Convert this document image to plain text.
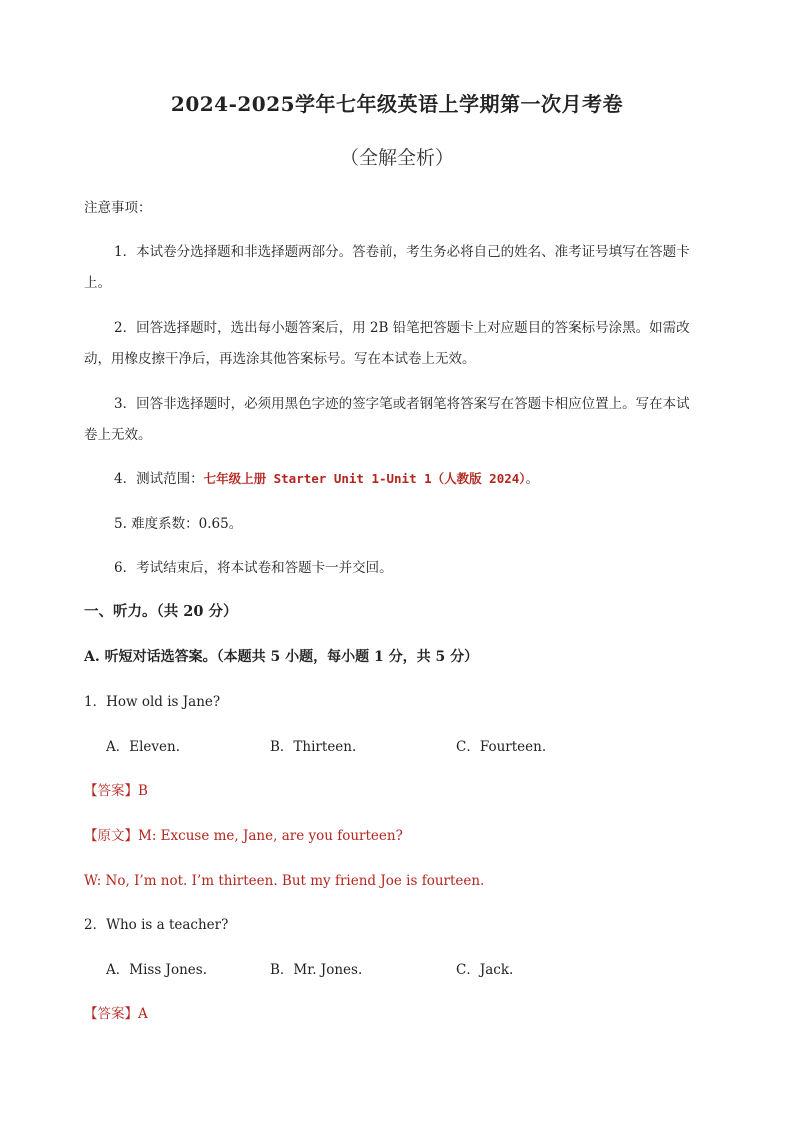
2024-2025学年七年级英语上学期第一次月考卷
（全解全析）
注意事项：
1．本试卷分选择题和非选择题两部分。答卷前，考生务必将自己的姓名、准考证号填写在答题卡
上。
2．回答选择题时，选出每小题答案后，用 2B 铅笔把答题卡上对应题目的答案标号涂黑。如需改
动，用橡皮擦干净后，再选涂其他答案标号。写在本试卷上无效。
3．回答非选择题时，必须用黑色字迹的签字笔或者钢笔将答案写在答题卡相应位置上。写在本试
卷上无效。
4．测试范围：七年级上册 Starter Unit 1-Unit 1（人教版 2024）。
5. 难度系数：0.65。
6．考试结束后，将本试卷和答题卡一并交回。
一、听力。（共 20 分）
A. 听短对话选答案。（本题共 5 小题，每小题 1 分，共 5 分）
1．How old is Jane?
A．Eleven.	B．Thirteen.	C．Fourteen.
【答案】B
【原文】M: Excuse me, Jane, are you fourteen?
W: No, I’m not. I’m thirteen. But my friend Joe is fourteen.
2．Who is a teacher?
A．Miss Jones.	B．Mr. Jones.	C．Jack.
【答案】A
